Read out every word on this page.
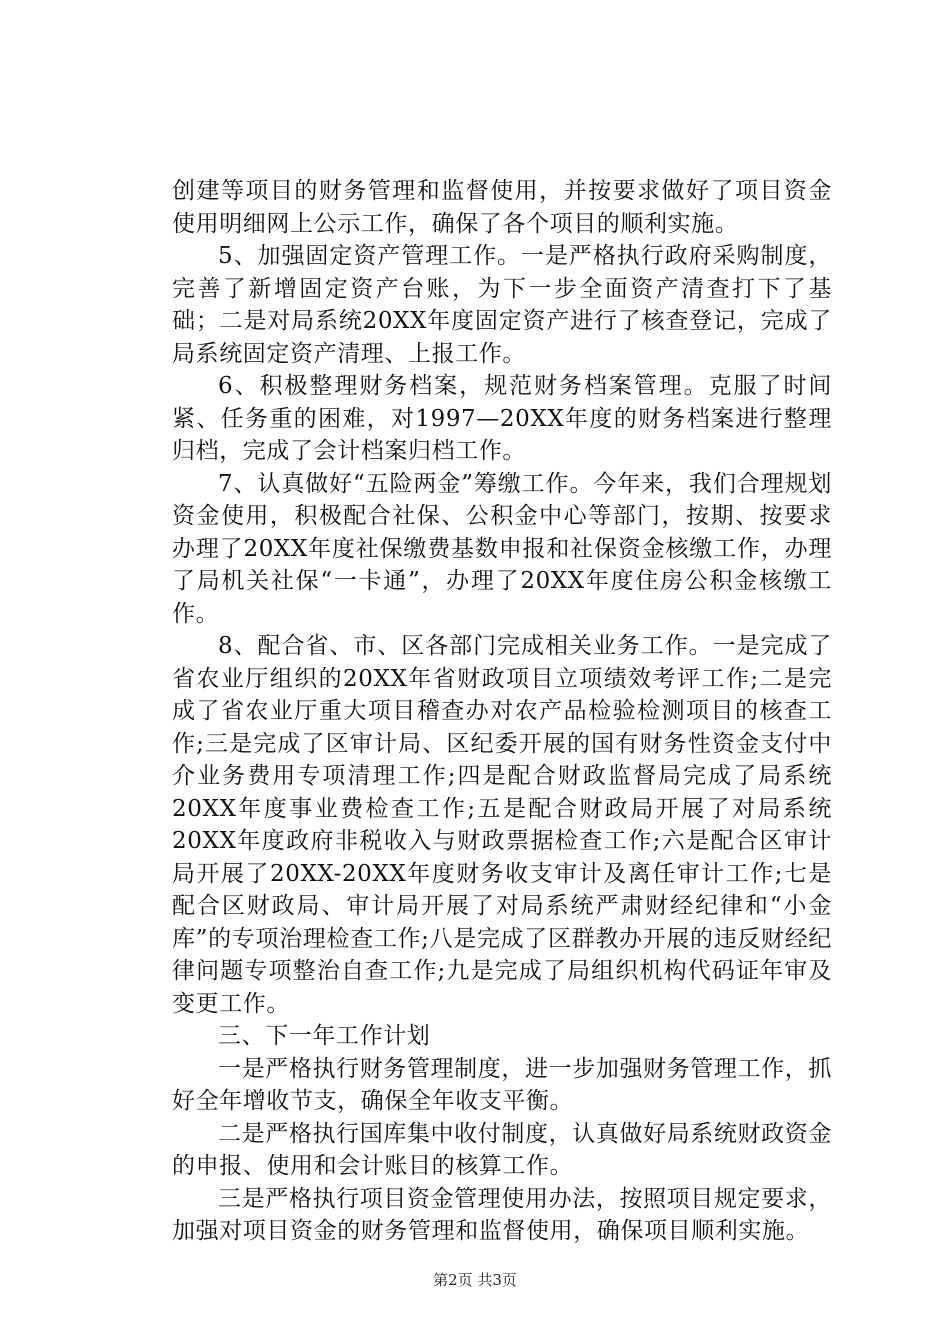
创建等项目的财务管理和监督使用，并按要求做好了项目资金使用明细网上公示工作，确保了各个项目的顺利实施。

5、加强固定资产管理工作。一是严格执行政府采购制度，完善了新增固定资产台账，为下一步全面资产清查打下了基础；二是对局系统20XX年度固定资产进行了核查登记，完成了局系统固定资产清理、上报工作。

6、积极整理财务档案，规范财务档案管理。克服了时间紧、任务重的困难，对1997—20XX年度的财务档案进行整理归档，完成了会计档案归档工作。

7、认真做好“五险两金”筹缴工作。今年来，我们合理规划资金使用，积极配合社保、公积金中心等部门，按期、按要求办理了20XX年度社保缴费基数申报和社保资金核缴工作，办理了局机关社保“一卡通”，办理了20XX年度住房公积金核缴工作。

8、配合省、市、区各部门完成相关业务工作。一是完成了省农业厅组织的20XX年省财政项目立项绩效考评工作;二是完成了省农业厅重大项目稽查办对农产品检验检测项目的核查工作;三是完成了区审计局、区纪委开展的国有财务性资金支付中介业务费用专项清理工作;四是配合财政监督局完成了局系统20XX年度事业费检查工作;五是配合财政局开展了对局系统20XX年度政府非税收入与财政票据检查工作;六是配合区审计局开展了20XX-20XX年度财务收支审计及离任审计工作;七是配合区财政局、审计局开展了对局系统严肃财经纪律和“小金库”的专项治理检查工作;八是完成了区群教办开展的违反财经纪律问题专项整治自查工作;九是完成了局组织机构代码证年审及变更工作。

三、下一年工作计划

一是严格执行财务管理制度，进一步加强财务管理工作，抓好全年增收节支，确保全年收支平衡。

二是严格执行国库集中收付制度，认真做好局系统财政资金的申报、使用和会计账目的核算工作。

三是严格执行项目资金管理使用办法，按照项目规定要求，加强对项目资金的财务管理和监督使用，确保项目顺利实施。

第2页 共3页
